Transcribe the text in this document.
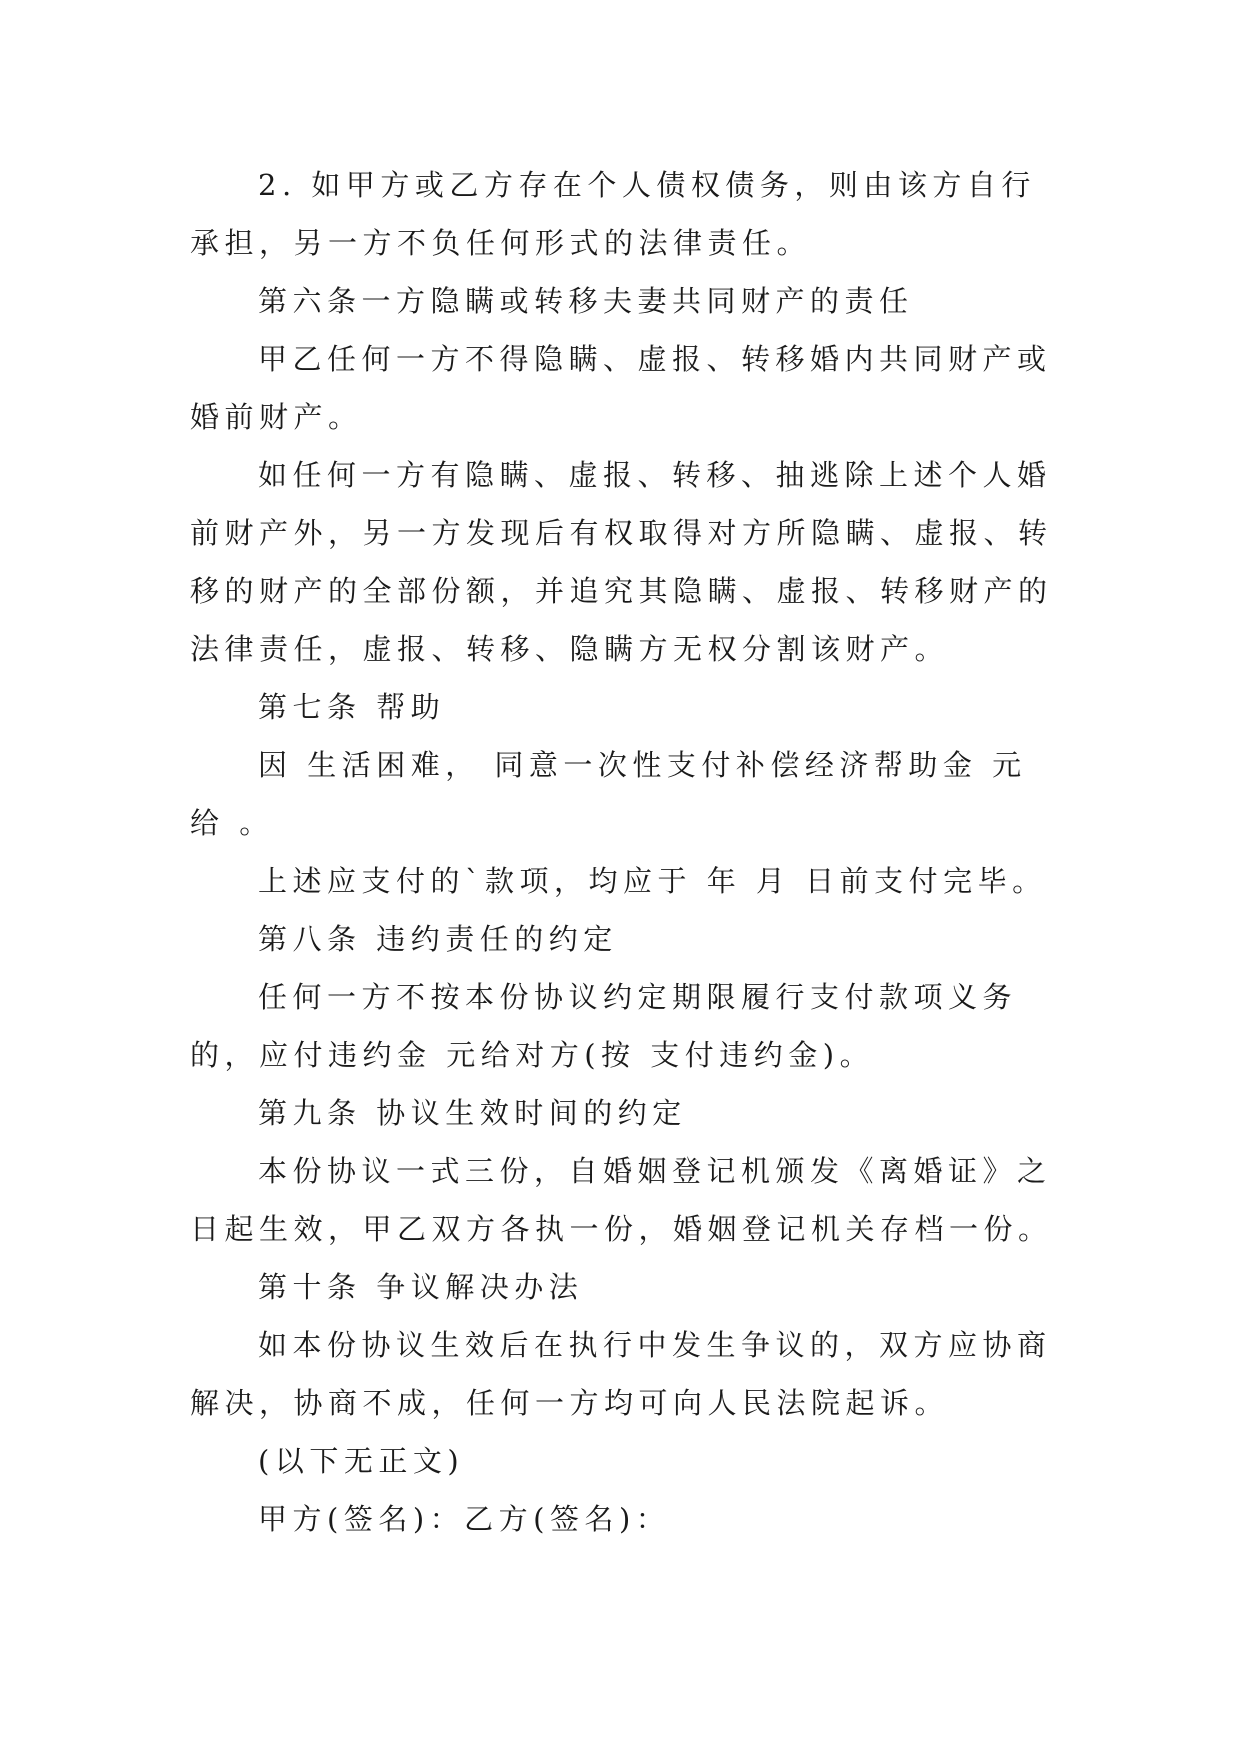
2. 如甲方或乙方存在个人债权债务，则由该方自行承担，另一方不负任何形式的法律责任。

第六条一方隐瞒或转移夫妻共同财产的责任

甲乙任何一方不得隐瞒、虚报、转移婚内共同财产或婚前财产。

如任何一方有隐瞒、虚报、转移、抽逃除上述个人婚前财产外，另一方发现后有权取得对方所隐瞒、虚报、转移的财产的全部份额，并追究其隐瞒、虚报、转移财产的法律责任，虚报、转移、隐瞒方无权分割该财产。

第七条 帮助

因 生活困难， 同意一次性支付补偿经济帮助金 元给 。

上述应支付的`款项，均应于 年 月 日前支付完毕。

第八条 违约责任的约定

任何一方不按本份协议约定期限履行支付款项义务的，应付违约金 元给对方(按 支付违约金)。

第九条 协议生效时间的约定

本份协议一式三份，自婚姻登记机颁发《离婚证》之日起生效，甲乙双方各执一份，婚姻登记机关存档一份。

第十条 争议解决办法

如本份协议生效后在执行中发生争议的，双方应协商解决，协商不成，任何一方均可向人民法院起诉。

(以下无正文)

甲方(签名)：乙方(签名)：
